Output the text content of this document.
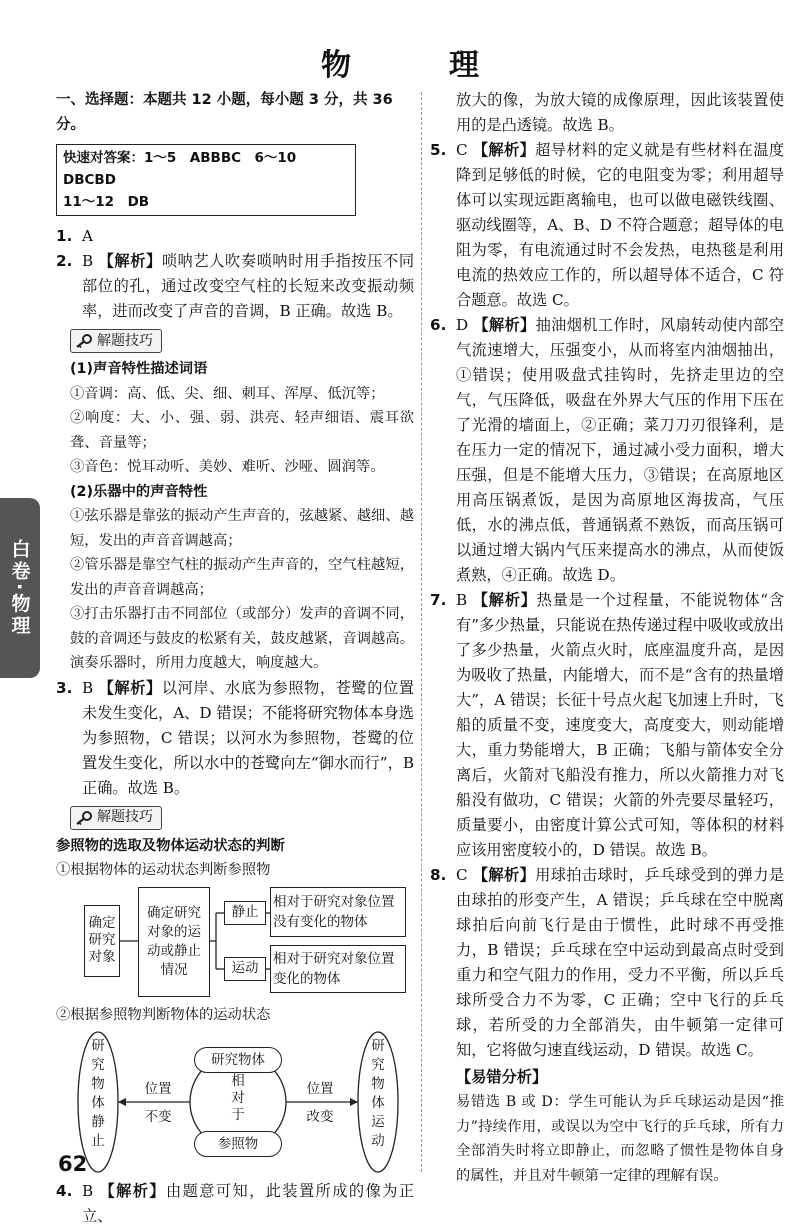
物　理

一、选择题：本题共 12 小题，每小题 3 分，共 36 分。

快速对答案：1～5　ABBBC　6～10　DBCBD
11～12　DB
1. A
2. B 【解析】唢呐艺人吹奏唢呐时用手指按压不同部位的孔，通过改变空气柱的长短来改变振动频率，进而改变了声音的音调，B 正确。故选 B。
解题技巧

(1)声音特性描述词语

①音调：高、低、尖、细、刺耳、浑厚、低沉等；

②响度：大、小、强、弱、洪亮、轻声细语、震耳欲聋、音量等；

③音色：悦耳动听、美妙、难听、沙哑、圆润等。

(2)乐器中的声音特性

①弦乐器是靠弦的振动产生声音的，弦越紧、越细、越短，发出的声音音调越高；

②管乐器是靠空气柱的振动产生声音的，空气柱越短，发出的声音音调越高；

③打击乐器打击不同部位（或部分）发声的音调不同，鼓的音调还与鼓皮的松紧有关，鼓皮越紧，音调越高。演奏乐器时，所用力度越大，响度越大。

3. B 【解析】以河岸、水底为参照物，苍鹭的位置未发生变化，A、D 错误；不能将研究物体本身选为参照物，C 错误；以河水为参照物，苍鹭的位置发生变化，所以水中的苍鹭向左“御水而行”，B 正确。故选 B。
解题技巧

参照物的选取及物体运动状态的判断

①根据物体的运动状态判断参照物

确定研究对象
确定研究对象的运动或静止情况
静止
运动
相对于研究对象位置没有变化的物体
相对于研究对象位置变化的物体

②根据参照物判断物体的运动状态

研究物体静止
研究物体运动
研究物体
相对于
参照物
位置
不变
位置
改变
4. B 【解析】由题意可知，此装置所成的像为正立、

放大的像，为放大镜的成像原理，因此该装置使用的是凸透镜。故选 B。

5. C 【解析】超导材料的定义就是有些材料在温度降到足够低的时候，它的电阻变为零；利用超导体可以实现远距离输电，也可以做电磁铁线圈、驱动线圈等，A、B、D 不符合题意；超导体的电阻为零，有电流通过时不会发热，电热毯是利用电流的热效应工作的，所以超导体不适合，C 符合题意。故选 C。
6. D 【解析】抽油烟机工作时，风扇转动使内部空气流速增大，压强变小，从而将室内油烟抽出，①错误；使用吸盘式挂钩时，先挤走里边的空气，气压降低，吸盘在外界大气压的作用下压在了光滑的墙面上，②正确；菜刀刀刃很锋利，是在压力一定的情况下，通过减小受力面积，增大压强，但是不能增大压力，③错误；在高原地区用高压锅煮饭，是因为高原地区海拔高，气压低，水的沸点低，普通锅煮不熟饭，而高压锅可以通过增大锅内气压来提高水的沸点，从而使饭煮熟，④正确。故选 D。
7. B 【解析】热量是一个过程量，不能说物体“含有”多少热量，只能说在热传递过程中吸收或放出了多少热量，火箭点火时，底座温度升高，是因为吸收了热量，内能增大，而不是“含有的热量增大”，A 错误；长征十号点火起飞加速上升时，飞船的质量不变，速度变大，高度变大，则动能增大，重力势能增大，B 正确；飞船与箭体安全分离后，火箭对飞船没有推力，所以火箭推力对飞船没有做功，C 错误；火箭的外壳要尽量轻巧，质量要小，由密度计算公式可知，等体积的材料应该用密度较小的，D 错误。故选 B。
8. C 【解析】用球拍击球时，乒乓球受到的弹力是由球拍的形变产生，A 错误；乒乓球在空中脱离球拍后向前飞行是由于惯性，此时球不再受推力，B 错误；乒乓球在空中运动到最高点时受到重力和空气阻力的作用，受力不平衡，所以乒乓球所受合力不为零，C 正确；空中飞行的乒乓球，若所受的力全部消失，由牛顿第一定律可知，它将做匀速直线运动，D 错误。故选 C。

【易错分析】

易错选 B 或 D：学生可能认为乒乓球运动是因“推力”持续作用，或误以为空中飞行的乒乓球，所有力全部消失时将立即静止，而忽略了惯性是物体自身的属性，并且对牛顿第一定律的理解有误。

白卷·物理
62
